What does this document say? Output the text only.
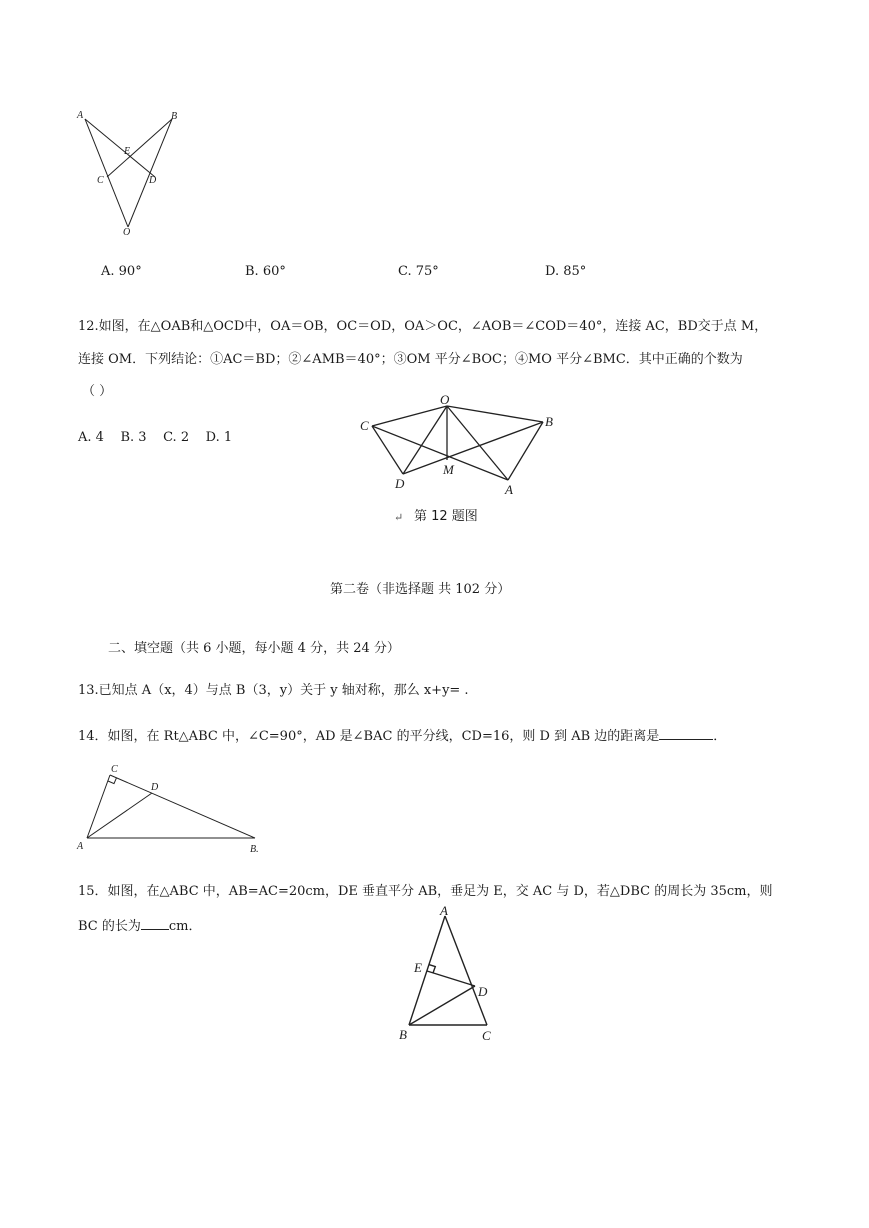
A	B
E
C	D
O
A. 90°	B. 60°	C. 75°	D. 85°
12.如图，在△OAB和△OCD中，OA＝OB，OC＝OD，OA＞OC，∠AOB＝∠COD＝40°，连接 AC，BD交于点 M，
连接 OM．下列结论：①AC＝BD；②∠AMB＝40°；③OM 平分∠BOC；④MO 平分∠BMC．其中正确的个数为
（ ）
A. 4    B. 3    C. 2    D. 1
O
C	B
D
M
A
↵ 第 12 题图
第二卷（非选择题 共 102 分）
二、填空题（共 6 小题，每小题 4 分，共 24 分）
13.已知点 A（x，4）与点 B（3，y）关于 y 轴对称，那么 x+y= .
14．如图，在 Rt△ABC 中，∠C=90°，AD 是∠BAC 的平分线，CD=16，则 D 到 AB 边的距离是	．
C
D
A	B.
15．如图，在△ABC 中，AB=AC=20cm，DE 垂直平分 AB，垂足为 E，交 AC 与 D，若△DBC 的周长为 35cm，则
BC 的长为 cm．
A
E
D
B	C
